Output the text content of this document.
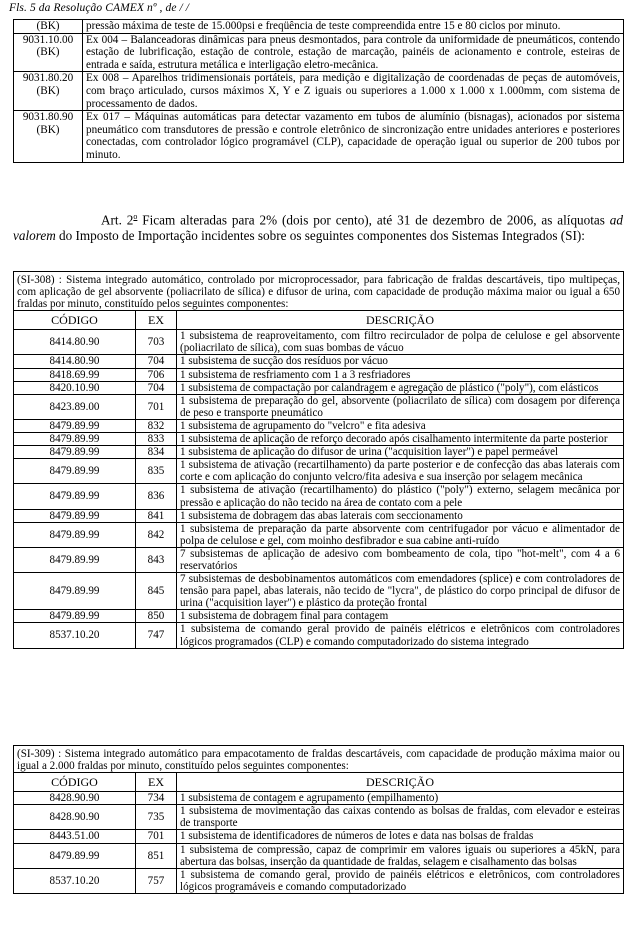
Fls. 5 da Resolução CAMEX nº , de / /
(BK)	pressão máxima de teste de 15.000psi e freqüência de teste compreendida entre 15 e 80 ciclos por minuto.
9031.10.00 (BK)	Ex 004 – Balanceadoras dinâmicas para pneus desmontados, para controle da uniformidade de pneumáticos, contendo estação de lubrificação, estação de controle, estação de marcação, painéis de acionamento e controle, esteiras de entrada e saída, estrutura metálica e interligação eletro-mecânica.
9031.80.20 (BK)	Ex 008 – Aparelhos tridimensionais portáteis, para medição e digitalização de coordenadas de peças de automóveis, com braço articulado, cursos máximos X, Y e Z iguais ou superiores a 1.000 x 1.000 x 1.000mm, com sistema de processamento de dados.
9031.80.90 (BK)	Ex 017 – Máquinas automáticas para detectar vazamento em tubos de alumínio (bisnagas), acionados por sistema pneumático com transdutores de pressão e controle eletrônico de sincronização entre unidades anteriores e posteriores conectadas, com controlador lógico programável (CLP), capacidade de operação igual ou superior de 200 tubos por minuto.

Art. 2$^o$ Ficam alteradas para 2% (dois por cento), até 31 de dezembro de 2006, as alíquotas ad valorem do Imposto de Importação incidentes sobre os seguintes componentes dos Sistemas Integrados (SI):

(SI-308) : Sistema integrado automático, controlado por microprocessador, para fabricação de fraldas descartáveis, tipo multipeças, com aplicação de gel absorvente (poliacrilato de sílica) e difusor de urina, com capacidade de produção máxima maior ou igual a 650 fraldas por minuto, constituído pelos seguintes componentes:		
CÓDIGO	EX	DESCRIÇÃO
8414.80.90	703	1 subsistema de reaproveitamento, com filtro recirculador de polpa de celulose e gel absorvente (poliacrilato de sílica), com suas bombas de vácuo
8414.80.90	704	1 subsistema de sucção dos resíduos por vácuo
8418.69.99	706	1 subsistema de resfriamento com 1 a 3 resfriadores
8420.10.90	704	1 subsistema de compactação por calandragem e agregação de plástico ("poly"), com elásticos
8423.89.00	701	1 subsistema de preparação do gel, absorvente (poliacrilato de sílica) com dosagem por diferença de peso e transporte pneumático
8479.89.99	832	1 subsistema de agrupamento do "velcro" e fita adesiva
8479.89.99	833	1 subsistema de aplicação de reforço decorado após cisalhamento intermitente da parte posterior
8479.89.99	834	1 subsistema de aplicação do difusor de urina ("acquisition layer") e papel permeável
8479.89.99	835	1 subsistema de ativação (recartilhamento) da parte posterior e de confecção das abas laterais com corte e com aplicação do conjunto velcro/fita adesiva e sua inserção por selagem mecânica
8479.89.99	836	1 subsistema de ativação (recartilhamento) do plástico ("poly") externo, selagem mecânica por pressão e aplicação do não tecido na área de contato com a pele
8479.89.99	841	1 subsistema de dobragem das abas laterais com seccionamento
8479.89.99	842	1 subsistema de preparação da parte absorvente com centrifugador por vácuo e alimentador de polpa de celulose e gel, com moinho desfibrador e sua cabine anti-ruído
8479.89.99	843	7 subsistemas de aplicação de adesivo com bombeamento de cola, tipo "hot-melt", com 4 a 6 reservatórios
8479.89.99	845	7 subsistemas de desbobinamentos automáticos com emendadores (splice) e com controladores de tensão para papel, abas laterais, não tecido de "lycra", de plástico do corpo principal de difusor de urina ("acquisition layer") e plástico da proteção frontal
8479.89.99	850	1 subsistema de dobragem final para contagem
8537.10.20	747	1 subsistema de comando geral provido de painéis elétricos e eletrônicos com controladores lógicos programados (CLP) e comando computadorizado do sistema integrado
(SI-309) : Sistema integrado automático para empacotamento de fraldas descartáveis, com capacidade de produção máxima maior ou igual a 2.000 fraldas por minuto, constituído pelos seguintes componentes:		
CÓDIGO	EX	DESCRIÇÃO
8428.90.90	734	1 subsistema de contagem e agrupamento (empilhamento)
8428.90.90	735	1 subsistema de movimentação das caixas contendo as bolsas de fraldas, com elevador e esteiras de transporte
8443.51.00	701	1 subsistema de identificadores de números de lotes e data nas bolsas de fraldas
8479.89.99	851	1 subsistema de compressão, capaz de comprimir em valores iguais ou superiores a 45kN, para abertura das bolsas, inserção da quantidade de fraldas, selagem e cisalhamento das bolsas
8537.10.20	757	1 subsistema de comando geral, provido de painéis elétricos e eletrônicos, com controladores lógicos programáveis e comando computadorizado
